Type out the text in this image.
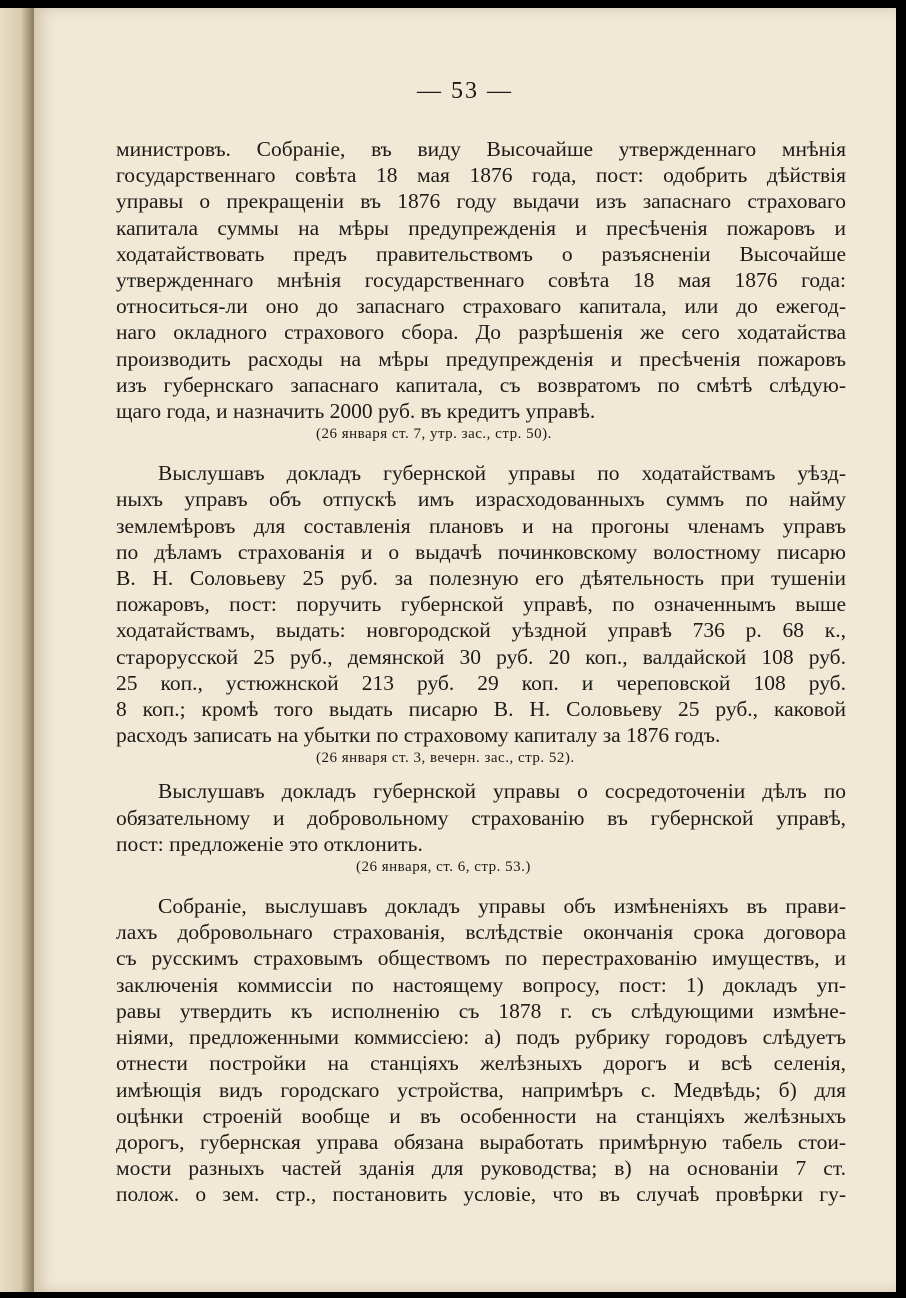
— 53 —
министровъ. Собраніе, въ виду Высочайше утвержденнаго мнѣнія
государственнаго совѣта 18 мая 1876 года, пост: одобрить дѣйствія
управы о прекращеніи въ 1876 году выдачи изъ запаснаго страховаго
капитала суммы на мѣры предупрежденія и пресѣченія пожаровъ и
ходатайствовать предъ правительствомъ о разъясненіи Высочайше
утвержденнаго мнѣнія государственнаго совѣта 18 мая 1876 года:
относиться-ли оно до запаснаго страховаго капитала, или до ежегод-
наго окладного страхового сбора. До разрѣшенія же сего ходатайства
производить расходы на мѣры предупрежденія и пресѣченія пожаровъ
изъ губернскаго запаснаго капитала, съ возвратомъ по смѣтѣ слѣдую-
щаго года, и назначить 2000 руб. въ кредитъ управѣ.
(26 января ст. 7, утр. зас., стр. 50).
Выслушавъ докладъ губернской управы по ходатайствамъ уѣзд-
ныхъ управъ объ отпускѣ имъ израсходованныхъ суммъ по найму
землемѣровъ для составленія плановъ и на прогоны членамъ управъ
по дѣламъ страхованія и о выдачѣ починковскому волостному писарю
В. Н. Соловьеву 25 руб. за полезную его дѣятельность при тушеніи
пожаровъ, пост: поручить губернской управѣ, по означеннымъ выше
ходатайствамъ, выдать: новгородской уѣздной управѣ 736 р. 68 к.,
старорусской 25 руб., демянской 30 руб. 20 коп., валдайской 108 руб.
25 коп., устюжнской 213 руб. 29 коп. и череповской 108 руб.
8 коп.; кромѣ того выдать писарю В. Н. Соловьеву 25 руб., каковой
расходъ записать на убытки по страховому капиталу за 1876 годъ.
(26 января ст. 3, вечерн. зас., стр. 52).
Выслушавъ докладъ губернской управы о сосредоточеніи дѣлъ по
обязательному и добровольному страхованію въ губернской управѣ,
пост: предложеніе это отклонить.
(26 января, ст. 6, стр. 53.)
Собраніе, выслушавъ докладъ управы объ измѣненіяхъ въ прави-
лахъ добровольнаго страхованія, вслѣдствіе окончанія срока договора
съ русскимъ страховымъ обществомъ по перестрахованію имуществъ, и
заключенія коммиссіи по настоящему вопросу, пост: 1) докладъ уп-
равы утвердить къ исполненію съ 1878 г. съ слѣдующими измѣне-
ніями, предложенными коммиссіею: а) подъ рубрику городовъ слѣдуетъ
отнести постройки на станціяхъ желѣзныхъ дорогъ и всѣ селенія,
имѣющія видъ городскаго устройства, напримѣръ с. Медвѣдь; б) для
оцѣнки строеній вообще и въ особенности на станціяхъ желѣзныхъ
дорогъ, губернская управа обязана выработать примѣрную табель стои-
мости разныхъ частей зданія для руководства; в) на основаніи 7 ст.
полож. о зем. стр., постановить условіе, что въ случаѣ провѣрки гу-
